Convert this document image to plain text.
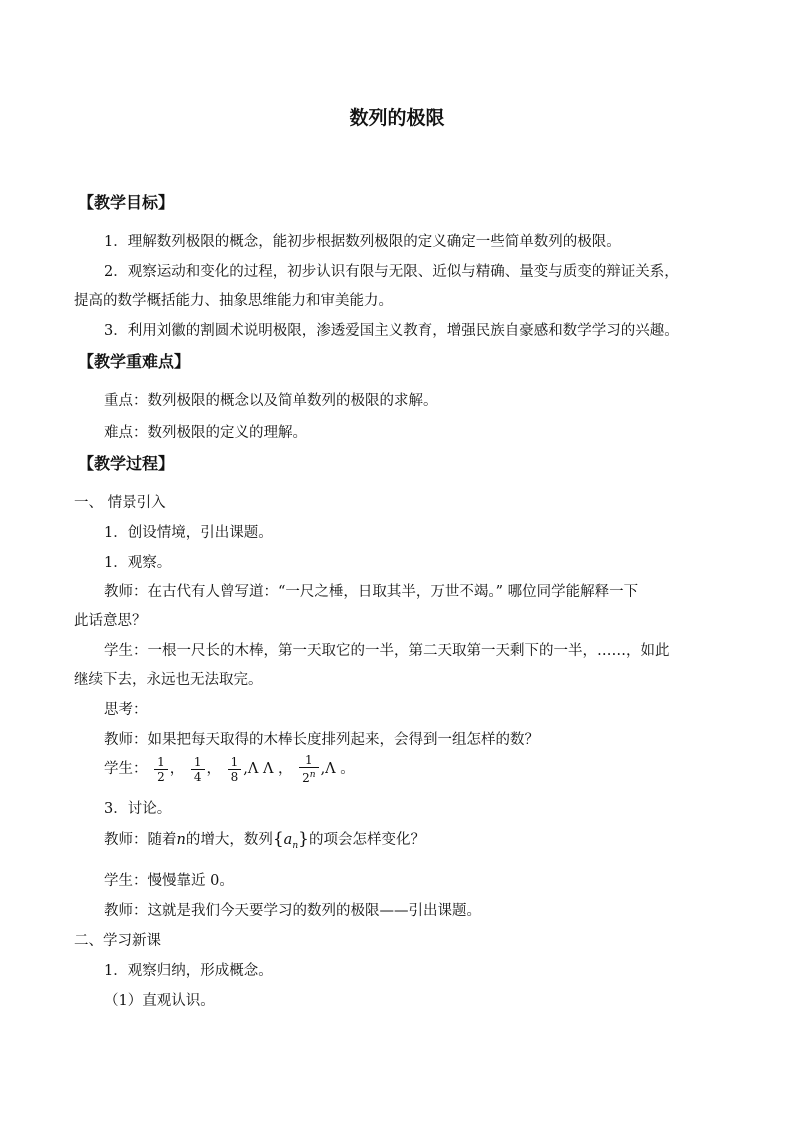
数列的极限
【教学目标】
1．理解数列极限的概念，能初步根据数列极限的定义确定一些简单数列的极限。
2．观察运动和变化的过程，初步认识有限与无限、近似与精确、量变与质变的辩证关系，
提高的数学概括能力、抽象思维能力和审美能力。
3．利用刘徽的割圆术说明极限，渗透爱国主义教育，增强民族自豪感和数学学习的兴趣。
【教学重难点】
重点：数列极限的概念以及简单数列的极限的求解。
难点：数列极限的定义的理解。
【教学过程】
一、 情景引入
1．创设情境，引出课题。
1．观察。
教师：在古代有人曾写道：“一尺之棰，日取其半，万世不竭。” 哪位同学能解释一下
此话意思？
学生：一根一尺长的木棒，第一天取它的一半，第二天取第一天剩下的一半，……，如此
继续下去，永远也无法取完。
思考：
教师：如果把每天取得的木棒长度排列起来，会得到一组怎样的数？
学生： $\frac{1}{2}$ ， $\frac{1}{4}$ ， $\frac{1}{8} ,\Lambda$ Λ ， $\frac{1}{2^n} ,\Lambda$ 。
3．讨论。
教师：随着n的增大，数列$\{a_n\}$的项会怎样变化？
学生：慢慢靠近 0。
教师：这就是我们今天要学习的数列的极限——引出课题。
二、学习新课
1．观察归纳，形成概念。
（1）直观认识。
